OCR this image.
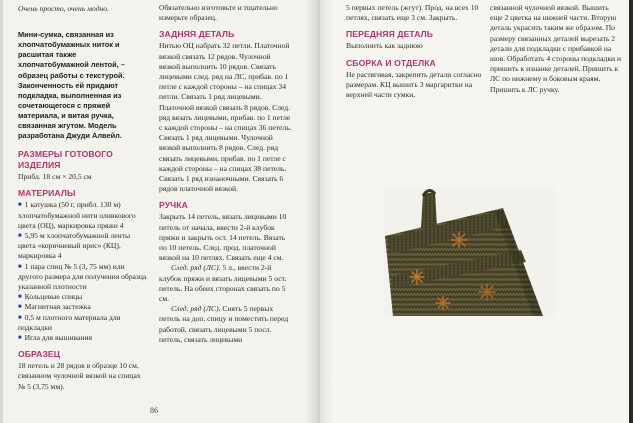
Очень просто, очень модно.

Мини-сумка, связанная из хлопчатобумажных ниток и расшитая также хлопчатобумажной лентой, – образец работы с текстурой. Законченность ей придают подкладка, выполненная из сочетающегося с пряжей материала, и витая ручка, связанная жгутом. Модель разработана Джуди Алвейл.

РАЗМЕРЫ ГОТОВОГО ИЗДЕЛИЯ

Прибл. 18 см × 20,5 см

МАТЕРИАЛЫ

■ 1 катушка (50 г, прибл. 130 м) хлопчатобумажной нити оливкового цвета (ОЦ), маркировка пряжи 4

■ 5,95 м хлопчатобумажной ленты цвета «коричневый ирис» (КЦ), маркировка 4

■ 1 пара спиц № 5 (3, 75 мм) или другого размера для получения образца указанной плотности

■ Кольцевые спицы

■ Магнитная застежка

■ 0,5 м плотного материала для подкладки

■ Игла для вышивания

ОБРАЗЕЦ

18 петель и 28 рядов в образце 10 см, связанном чулочной вязкой на спицах № 5 (3,75 мм).

Обязательно изготовьте и тщательно измерьте образец.

ЗАДНЯЯ ДЕТАЛЬ

Нитью ОЦ набрать 32 петли. Платочной вязкой связать 12 рядов. Чулочной вязкой выполнить 10 рядов. Связать лицевыми след. ряд на ЛС, прибав. по 1 петле с каждой стороны – на спицах 34 петли. Связать 1 ряд лицевыми. Платочной вязкой связать 8 рядов. След. ряд вязать лицевыми, прибав. по 1 петле с каждой стороны – на спицах 36 петель. Связать 1 ряд лицевыми. Чулочной вязкой выполнить 8 рядов. След. ряд связать лицевыми, прибав. по 1 петле с каждой стороны – на спицах 38 петель. Связать 1 ряд изнаночными. Связать 6 рядов платочной вязкой.

РУЧКА

Закрыть 14 петель, вязать лицевыми 10 петель от начала, ввести 2-й клубок пряжи и закрыть ост. 14 петель. Вязать по 10 петель. След. прод. платочной вязкой на 10 петлях. Связать еще 4 см.

След. ряд (ЛС). 5 л., ввести 2-й клубок пряжи и вязать лицевыми 5 ост. петель. На обеих сторонах связать по 5 см.

След. ряд (ЛС). Снять 5 первых петель на доп. спицу и поместить перед работой, связать лицевыми 5 посл. петель, связать лицевыми

86

5 первых петель (жгут). Прод. на всех 10 петлях, связать еще 3 см. Закрыть.

ПЕРЕДНЯЯ ДЕТАЛЬ

Выполнить как заднюю

СБОРКА И ОТДЕЛКА

Не растягивая, закрепить детали согласно размерам. КЦ вышить 3 маргаритки на верхней части сумки,

связанной чулочной вязкой. Вышить еще 2 цветка на нижней части. Вторую деталь украсить таким же образом. По размеру связанных деталей вырезать 2 детали для подкладки с прибавкой на шов. Обработать 4 стороны подкладки и пришить к изнанке деталей. Пришить к ЛС по нижнему и боковым краям. Пришить к ЛС ручку.
